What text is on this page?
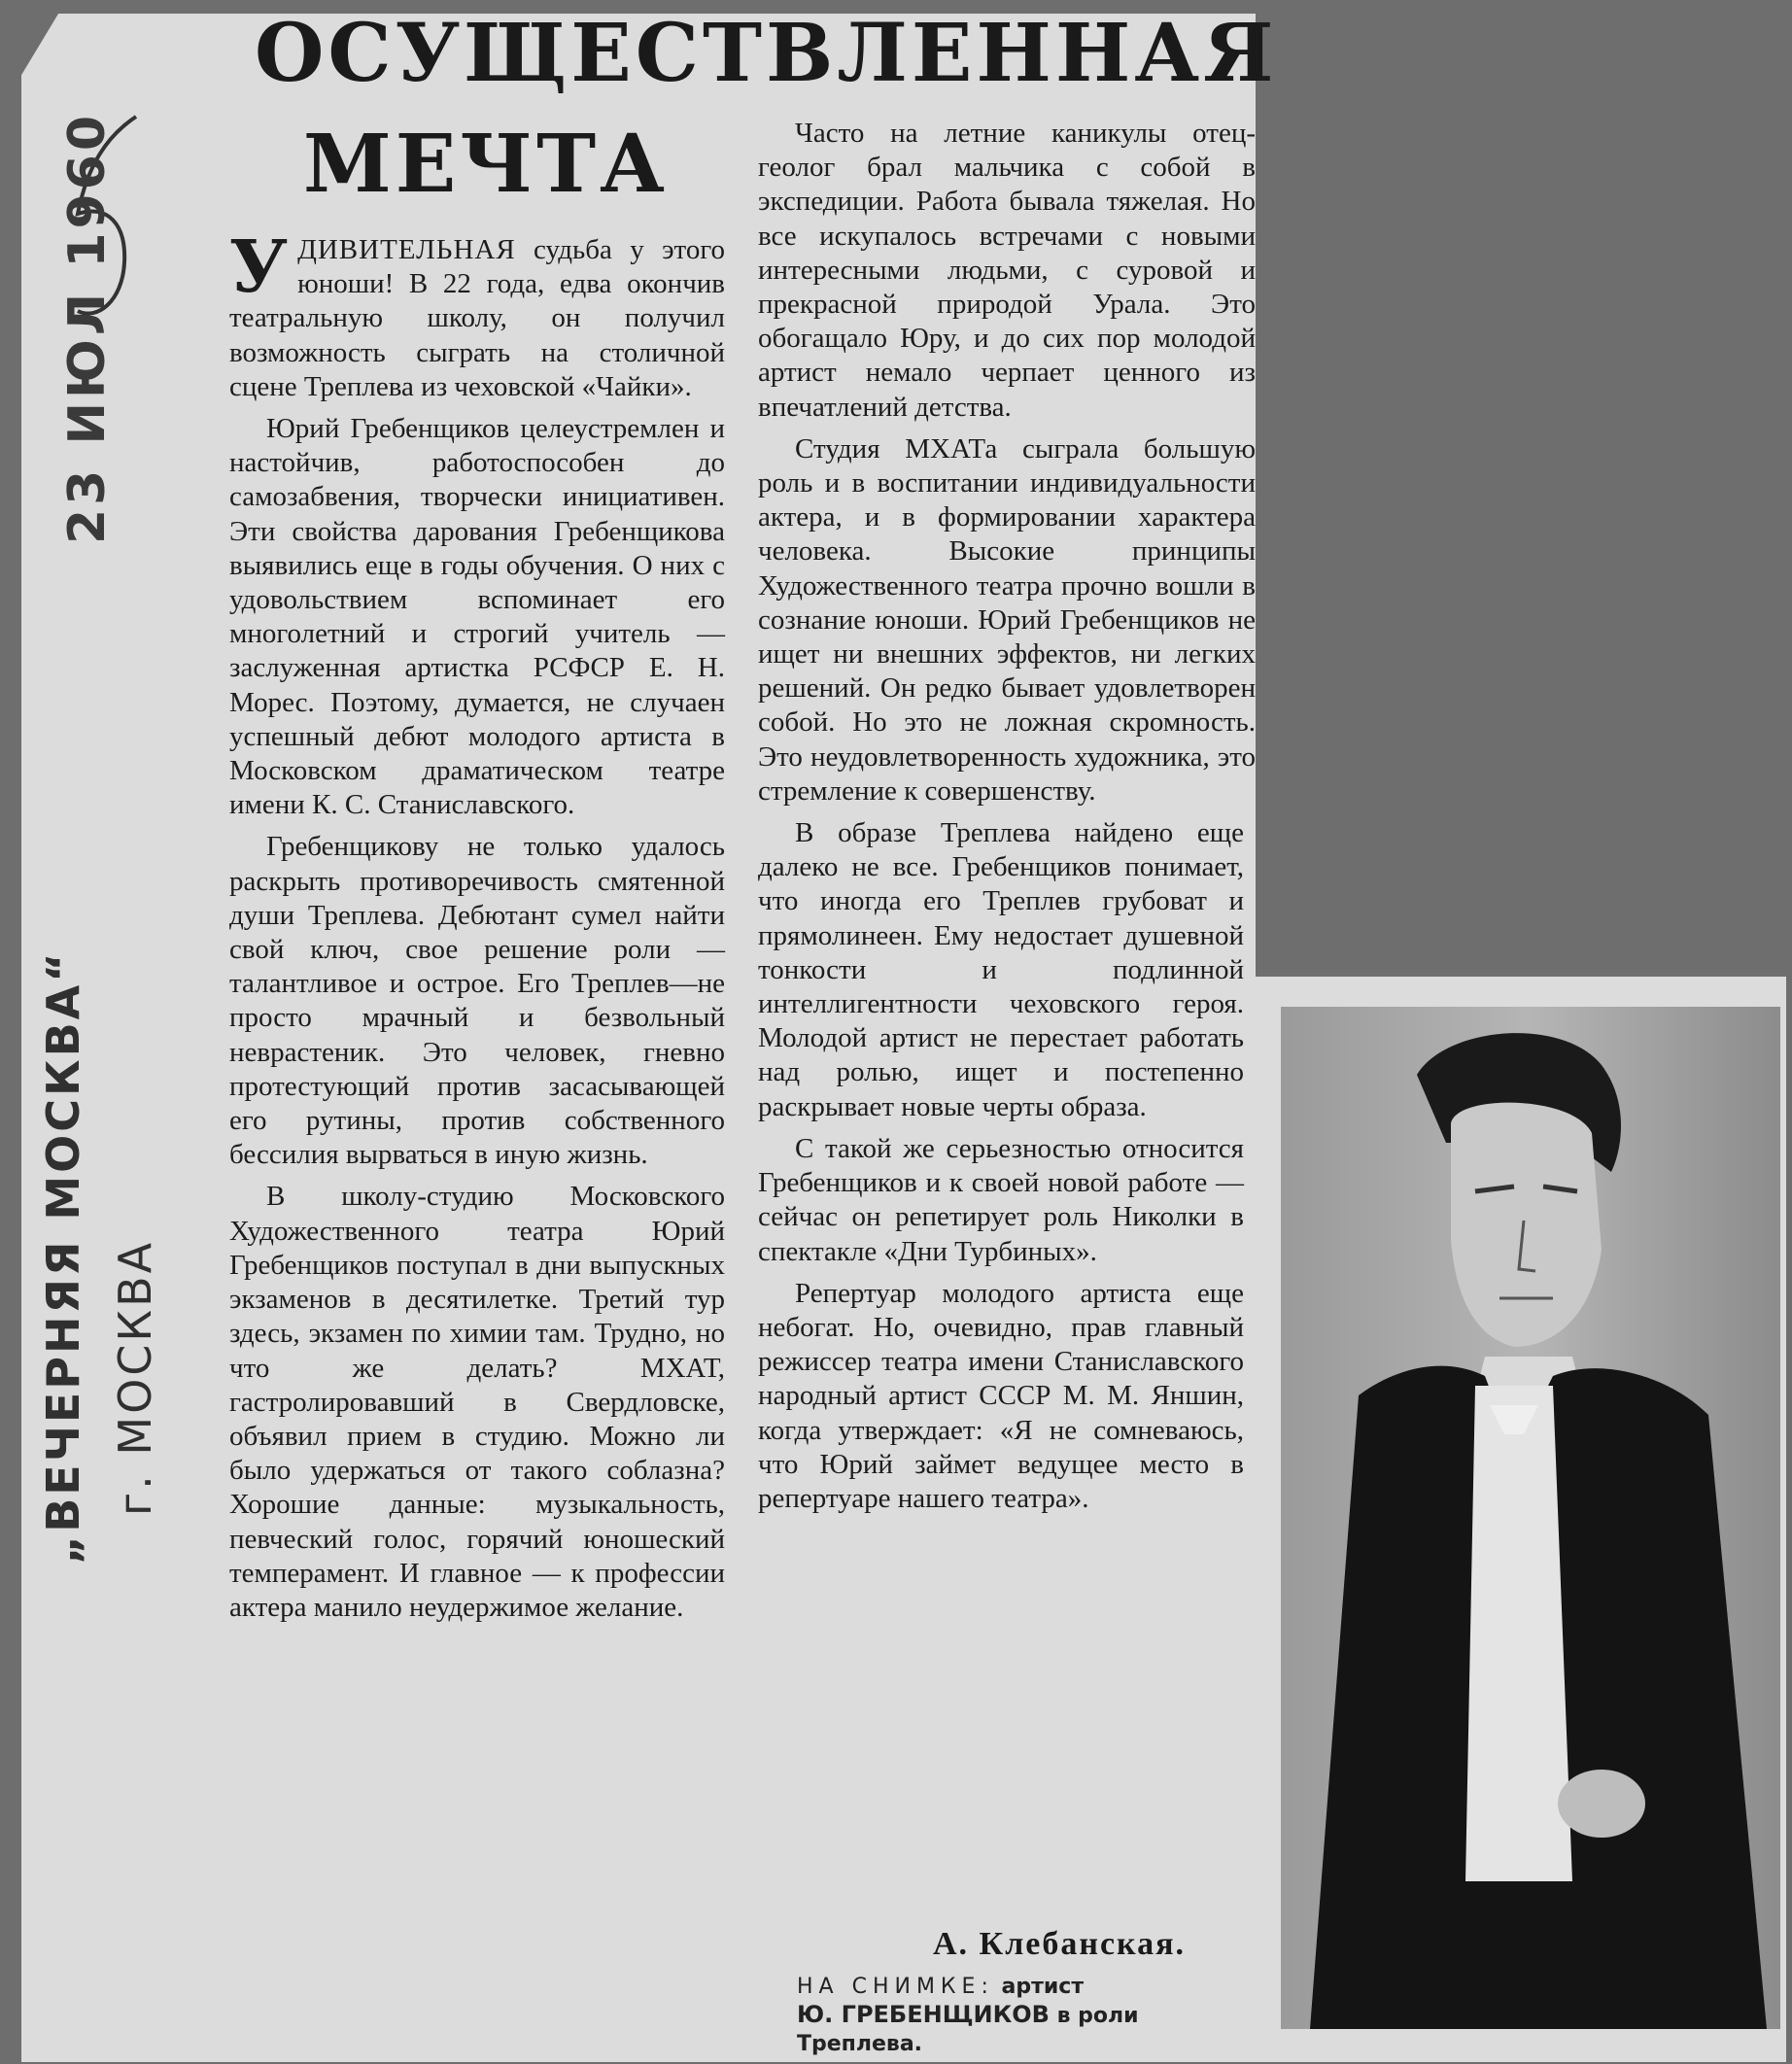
23 ИЮЛ 1960
„ВЕЧЕРНЯЯ МОСКВА“ г. МОСКВА
ОСУЩЕСТВЛЕННАЯ
МЕЧТА

УДИВИТЕЛЬНАЯ судьба у этого юноши! В 22 года, едва окончив театральную школу, он получил возможность сыграть на столичной сцене Треплева из чеховской «Чайки».

Юрий Гребенщиков целеустремлен и настойчив, работоспособен до самозабвения, творчески инициативен. Эти свойства дарования Гребенщикова выявились еще в годы обучения. О них с удовольствием вспоминает его многолетний и строгий учитель — заслуженная артистка РСФСР Е. Н. Морес. Поэтому, думается, не случаен успешный дебют молодого артиста в Московском драматическом театре имени К. С. Станиславского.

Гребенщикову не только удалось раскрыть противоречивость смятенной души Треплева. Дебютант сумел найти свой ключ, свое решение роли — талантливое и острое. Его Треплев—не просто мрачный и безвольный неврастеник. Это человек, гневно протестующий против засасывающей его рутины, против собственного бессилия вырваться в иную жизнь.

В школу-студию Московского Художественного театра Юрий Гребенщиков поступал в дни выпускных экзаменов в десятилетке. Третий тур здесь, экзамен по химии там. Трудно, но что же делать? МХАТ, гастролировавший в Свердловске, объявил прием в студию. Можно ли было удержаться от такого соблазна? Хорошие данные: музыкальность, певческий голос, горячий юношеский темперамент. И главное — к профессии актера манило неудержимое желание.

Часто на летние каникулы отец-геолог брал мальчика с собой в экспедиции. Работа бывала тяжелая. Но все искупалось встречами с новыми интересными людьми, с суровой и прекрасной природой Урала. Это обогащало Юру, и до сих пор молодой артист немало черпает ценного из впечатлений детства.

Студия МХАТа сыграла большую роль и в воспитании индивидуальности актера, и в формировании характера человека. Высокие принципы Художественного театра прочно вошли в сознание юноши. Юрий Гребенщиков не ищет ни внешних эффектов, ни легких решений. Он редко бывает удовлетворен собой. Но это не ложная скромность. Это неудовлетворенность художника, это стремление к совершенству.

В образе Треплева найдено еще далеко не все. Гребенщиков понимает, что иногда его Треплев грубоват и прямолинеен. Ему недостает душевной тонкости и подлинной интеллигентности чеховского героя. Молодой артист не перестает работать над ролью, ищет и постепенно раскрывает новые черты образа.

С такой же серьезностью относится Гребенщиков и к своей новой работе — сейчас он репетирует роль Николки в спектакле «Дни Турбиных».

Репертуар молодого артиста еще небогат. Но, очевидно, прав главный режиссер театра имени Станиславского народный артист СССР М. М. Яншин, когда утверждает: «Я не сомневаюсь, что Юрий займет ведущее место в репертуаре нашего театра».

А. Клебанская.
НА СНИМКЕ: артист
Ю. ГРЕБЕНЩИКОВ в роли Треплева.
